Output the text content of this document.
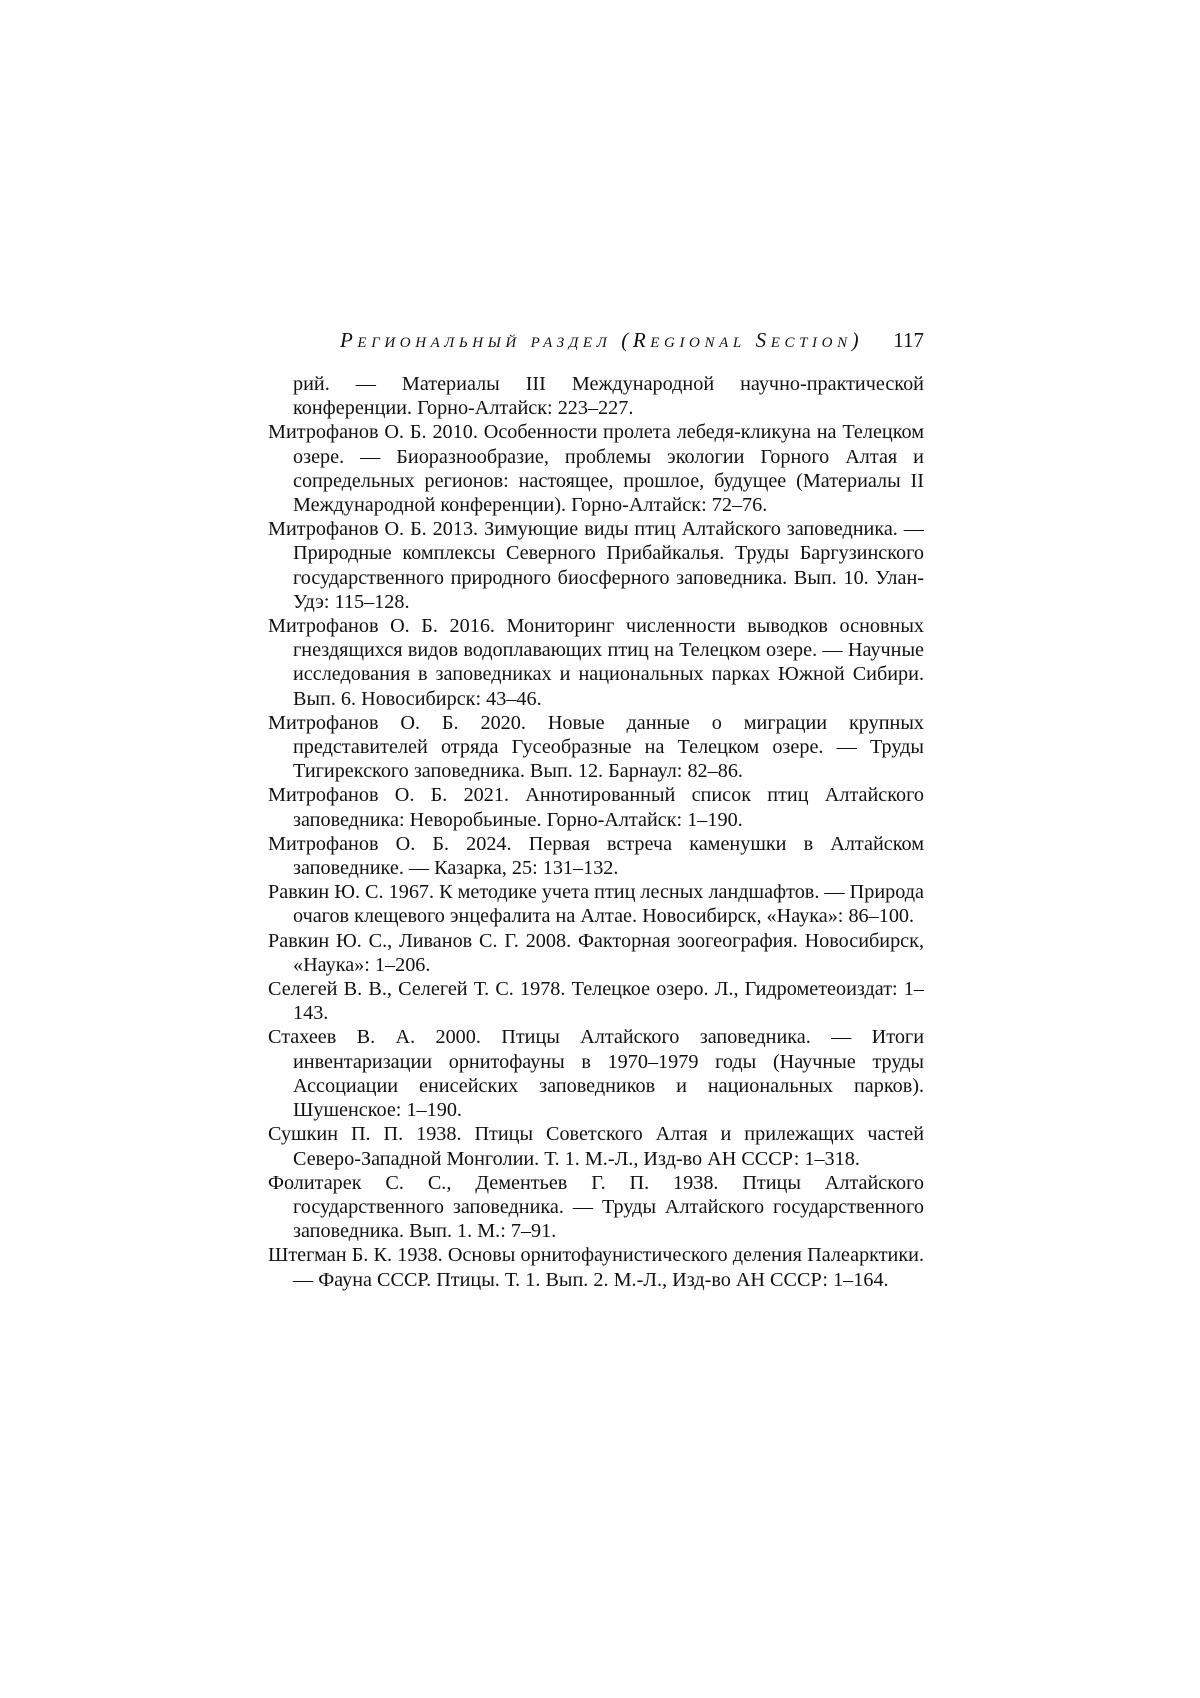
Региональный раздел (Regional Section) 117

рий. — Материалы III Международной научно-практической конференции. Горно-Алтайск: 223–227.

Митрофанов О. Б. 2010. Особенности пролета лебедя-кликуна на Телецком озере. — Биоразнообразие, проблемы экологии Горного Алтая и сопредельных регионов: настоящее, прошлое, будущее (Материалы II Международной конференции). Горно-Алтайск: 72–76.

Митрофанов О. Б. 2013. Зимующие виды птиц Алтайского заповедника. — Природные комплексы Северного Прибайкалья. Труды Баргузинского государственного природного биосферного заповедника. Вып. 10. Улан-Удэ: 115–128.

Митрофанов О. Б. 2016. Мониторинг численности выводков основных гнездящихся видов водоплавающих птиц на Телецком озере. — Научные исследования в заповедниках и национальных парках Южной Сибири. Вып. 6. Новосибирск: 43–46.

Митрофанов О. Б. 2020. Новые данные о миграции крупных представителей отряда Гусеобразные на Телецком озере. — Труды Тигирекского заповедника. Вып. 12. Барнаул: 82–86.

Митрофанов О. Б. 2021. Аннотированный список птиц Алтайского заповедника: Неворобьиные. Горно-Алтайск: 1–190.

Митрофанов О. Б. 2024. Первая встреча каменушки в Алтайском заповеднике. — Казарка, 25: 131–132.

Равкин Ю. С. 1967. К методике учета птиц лесных ландшафтов. — Природа очагов клещевого энцефалита на Алтае. Новосибирск, «Наука»: 86–100.

Равкин Ю. С., Ливанов С. Г. 2008. Факторная зоогеография. Новосибирск, «Наука»: 1–206.

Селегей В. В., Селегей Т. С. 1978. Телецкое озеро. Л., Гидрометеоиздат: 1–143.

Стахеев В. А. 2000. Птицы Алтайского заповедника. — Итоги инвентаризации орнитофауны в 1970–1979 годы (Научные труды Ассоциации енисейских заповедников и национальных парков). Шушенское: 1–190.

Сушкин П. П. 1938. Птицы Советского Алтая и прилежащих частей Северо-Западной Монголии. Т. 1. М.-Л., Изд-во АН СССР: 1–318.

Фолитарек С. С., Дементьев Г. П. 1938. Птицы Алтайского государственного заповедника. — Труды Алтайского государственного заповедника. Вып. 1. М.: 7–91.

Штегман Б. К. 1938. Основы орнитофаунистического деления Палеарктики. — Фауна СССР. Птицы. Т. 1. Вып. 2. М.-Л., Изд-во АН СССР: 1–164.
